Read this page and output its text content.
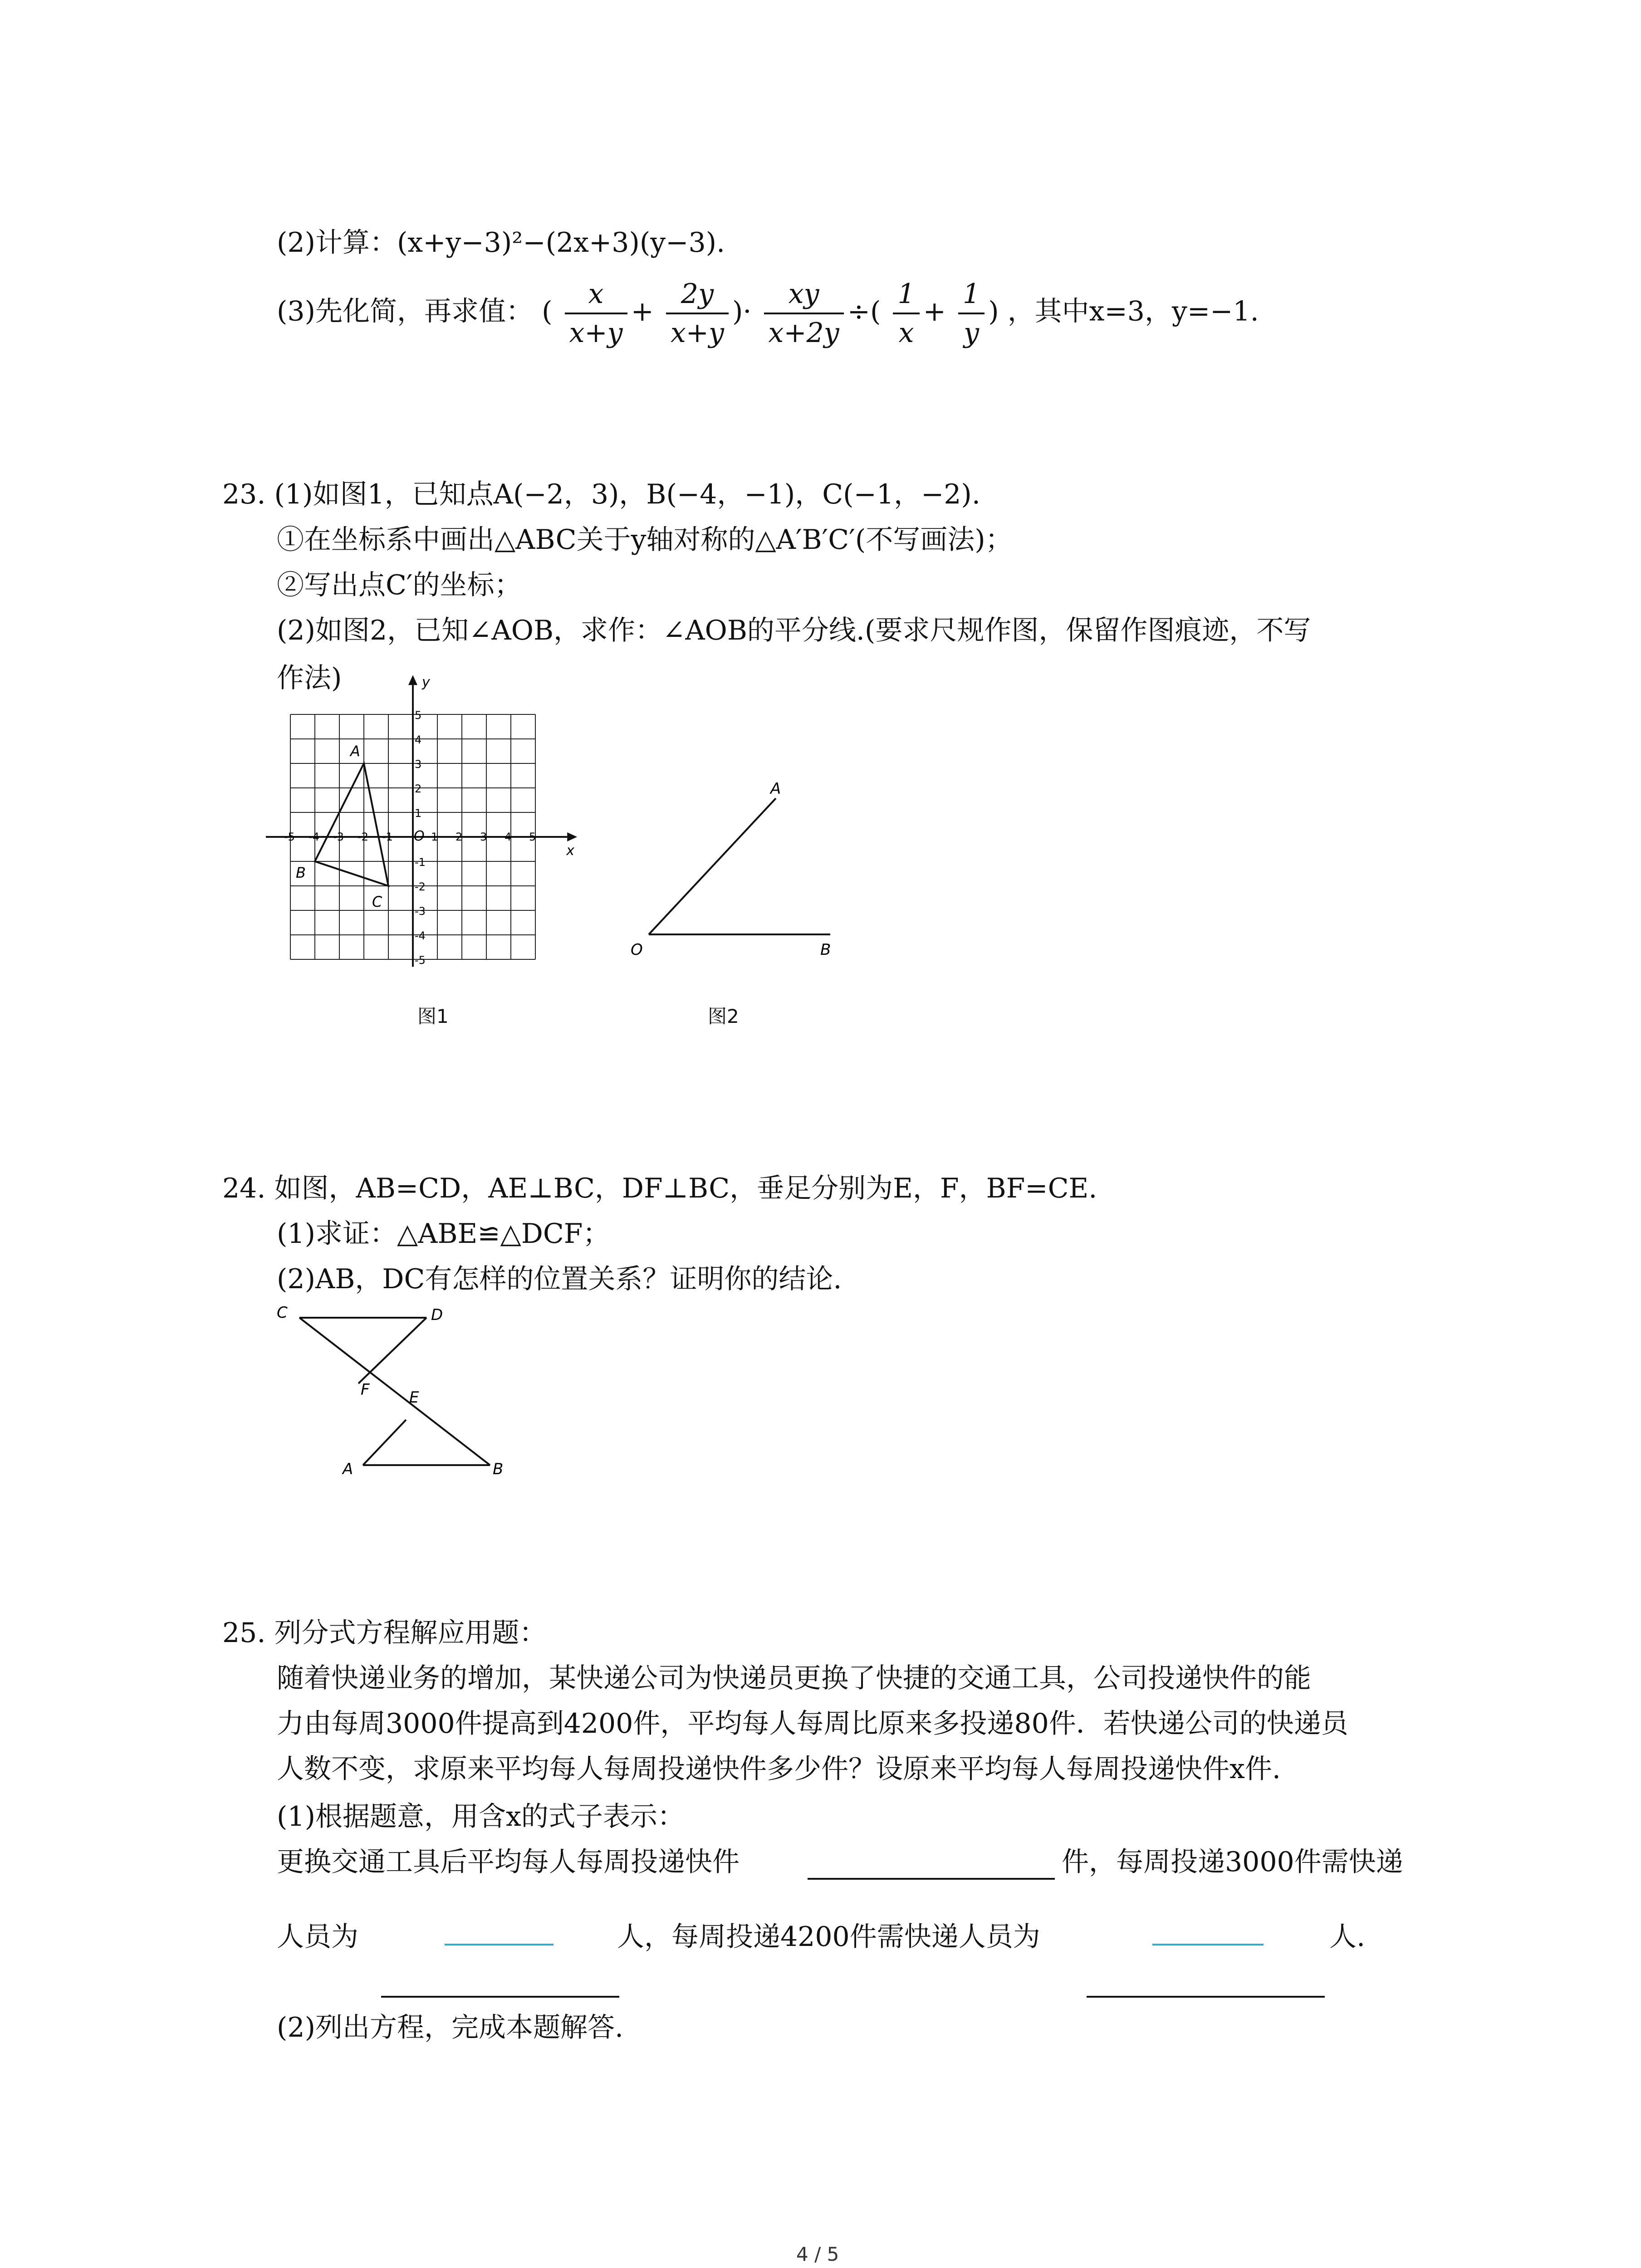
(2)计算：(x+y−3)²−(2x+3)(y−3).
(3)先化简，再求值： ( $\frac{x}{x+y} + \frac{2y}{x+y}$ )· $\frac{xy}{x+2y}$ ÷( $\frac{1}{x} + \frac{1}{y}$ ) ，其中x=3，y=−1.
23. (1)如图1，已知点A(−2，3)，B(−4，−1)，C(−1，−2).
①在坐标系中画出△ABC关于y轴对称的△A′B′C′(不写画法)；
②写出点C′的坐标；
(2)如图2，已知∠AOB，求作：∠AOB的平分线.(要求尺规作图，保留作图痕迹，不写
作法)
-5 -4 -3 -2 -1	1 2 3 4 5
5
4
3
2
1
-1
-2
-3
-4
-5
O
x
y
A
B
C
图1
A
O	B
图2
24. 如图，AB=CD，AE⊥BC，DF⊥BC，垂足分别为E，F，BF=CE.
(1)求证：△ABE≌△DCF；
(2)AB，DC有怎样的位置关系？证明你的结论.
C	D
F	E
A	B
25. 列分式方程解应用题：
随着快递业务的增加，某快递公司为快递员更换了快捷的交通工具，公司投递快件的能
力由每周3000件提高到4200件，平均每人每周比原来多投递80件．若快递公司的快递员
人数不变，求原来平均每人每周投递快件多少件？设原来平均每人每周投递快件x件.
(1)根据题意，用含x的式子表示：
更换交通工具后平均每人每周投递快件	件，每周投递3000件需快递
人员为	人，每周投递4200件需快递人员为	人.
(2)列出方程，完成本题解答.
4 / 5
